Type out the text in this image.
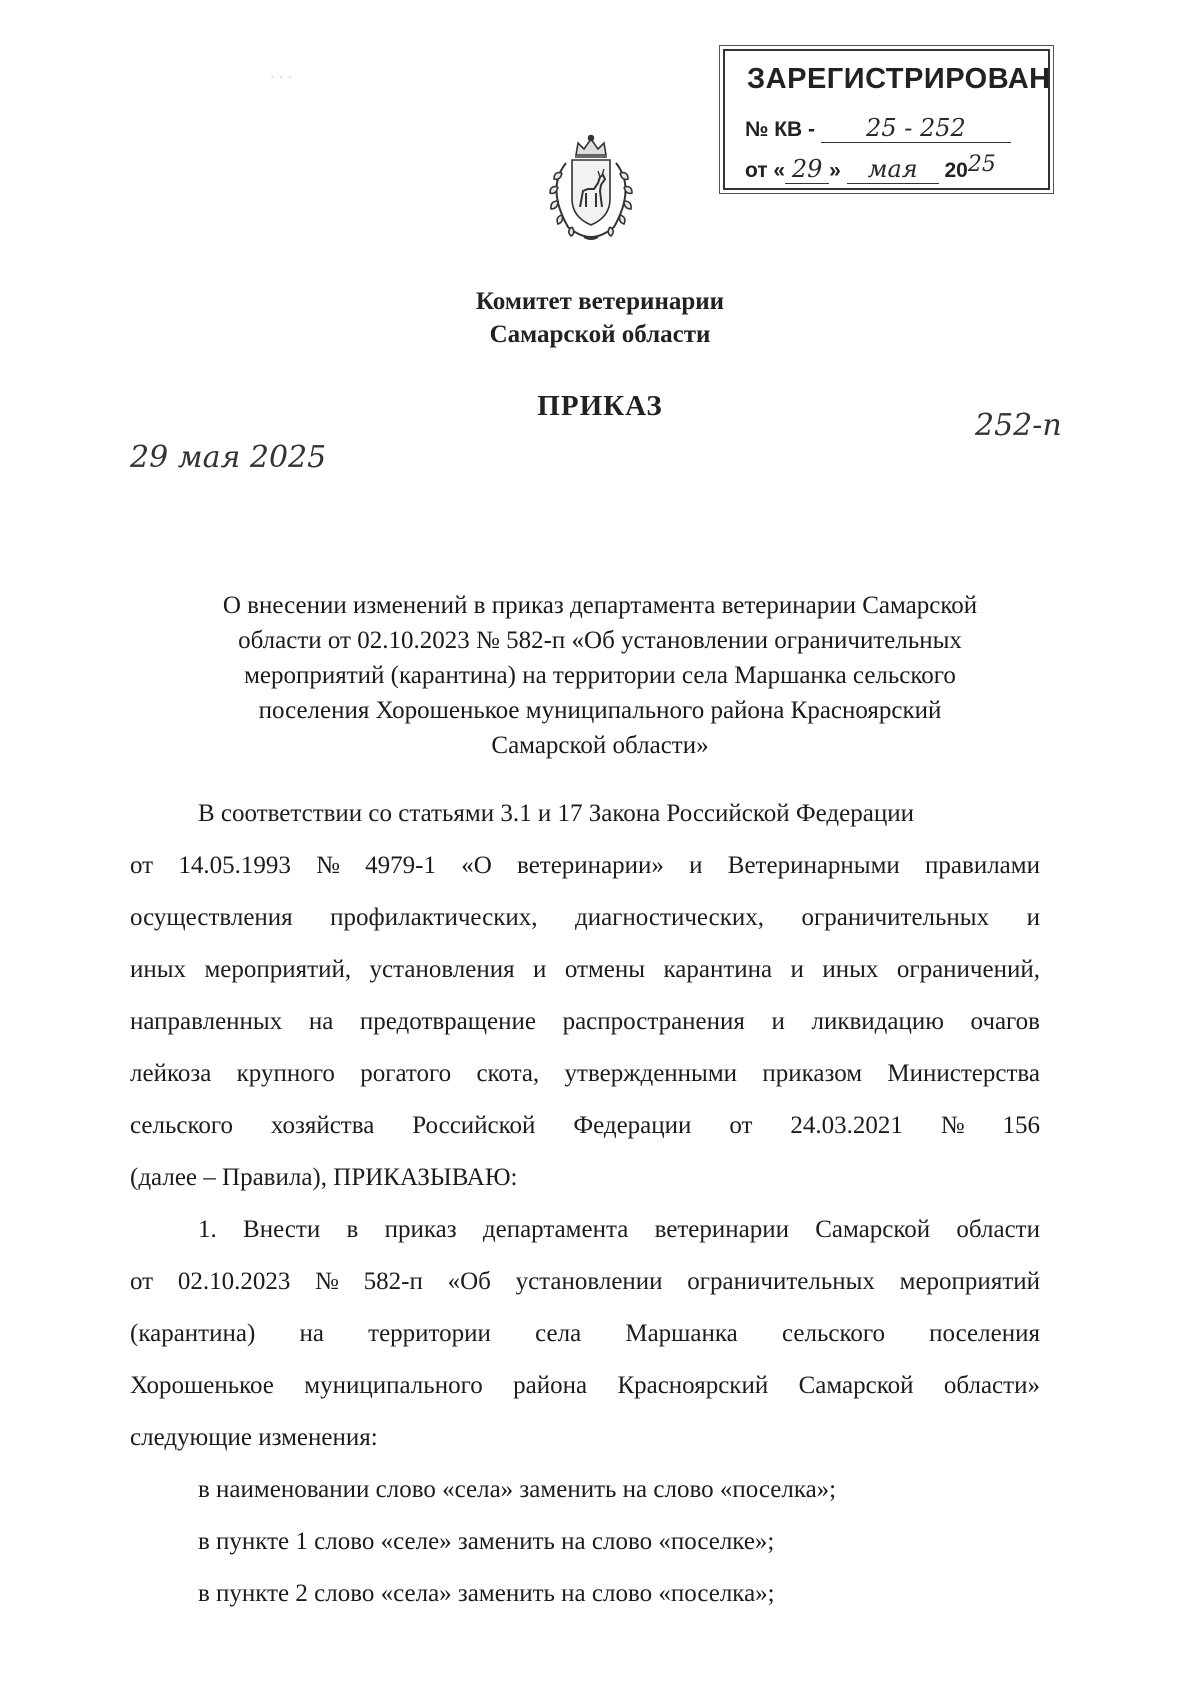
· · ·	ЗАРЕГИСТРИРОВАН
№ КВ - 25 - 252
от « 29 » мая 2025
Комитет ветеринарии
Самарской области
ПРИКАЗ
29 мая 2025
252-п
О внесении изменений в приказ департамента ветеринарии Самарской
области от 02.10.2023 № 582-п «Об установлении ограничительных
мероприятий (карантина) на территории села Маршанка сельского
поселения Хорошенькое муниципального района Красноярский
Самарской области»
В соответствии со статьями 3.1 и 17 Закона Российской Федерации
от 14.05.1993 № 4979-1 «О ветеринарии» и Ветеринарными правилами
осуществления профилактических, диагностических, ограничительных и
иных мероприятий, установления и отмены карантина и иных ограничений,
направленных на предотвращение распространения и ликвидацию очагов
лейкоза крупного рогатого скота, утвержденными приказом Министерства
сельского хозяйства Российской Федерации от 24.03.2021 № 156
(далее – Правила), ПРИКАЗЫВАЮ:
1. Внести в приказ департамента ветеринарии Самарской области
от 02.10.2023 № 582-п «Об установлении ограничительных мероприятий
(карантина) на территории села Маршанка сельского поселения
Хорошенькое муниципального района Красноярский Самарской области»
следующие изменения:
в наименовании слово «села» заменить на слово «поселка»;
в пункте 1 слово «селе» заменить на слово «поселке»;
в пункте 2 слово «села» заменить на слово «поселка»;
